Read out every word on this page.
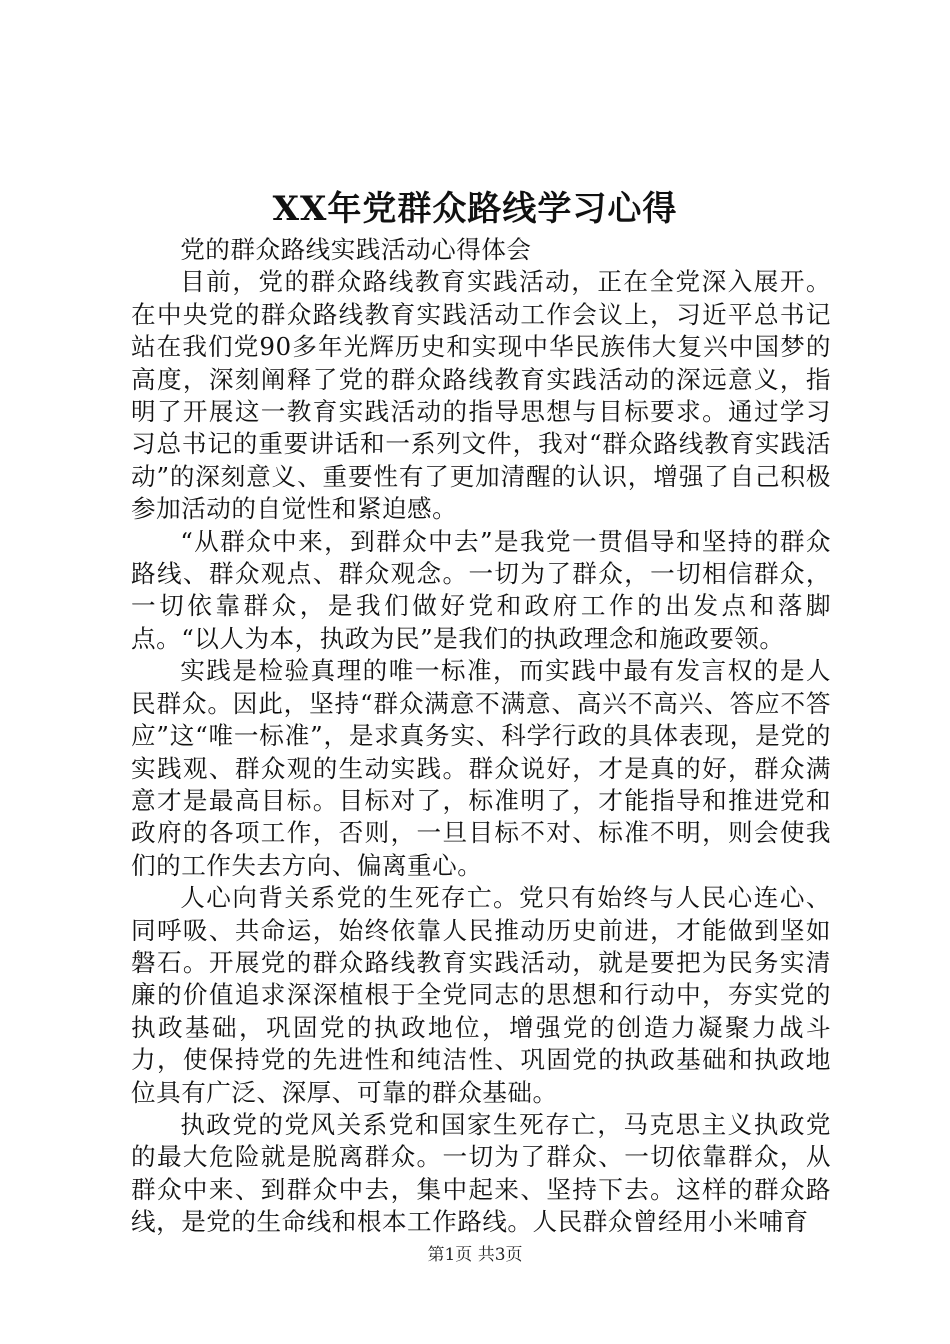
XX年党群众路线学习心得

党的群众路线实践活动心得体会

目前，党的群众路线教育实践活动，正在全党深入展开。在中央党的群众路线教育实践活动工作会议上，习近平总书记站在我们党90多年光辉历史和实现中华民族伟大复兴中国梦的高度，深刻阐释了党的群众路线教育实践活动的深远意义，指明了开展这一教育实践活动的指导思想与目标要求。通过学习习总书记的重要讲话和一系列文件，我对“群众路线教育实践活动”的深刻意义、重要性有了更加清醒的认识，增强了自己积极参加活动的自觉性和紧迫感。

“从群众中来，到群众中去”是我党一贯倡导和坚持的群众路线、群众观点、群众观念。一切为了群众，一切相信群众，一切依靠群众，是我们做好党和政府工作的出发点和落脚点。“以人为本，执政为民”是我们的执政理念和施政要领。

实践是检验真理的唯一标准，而实践中最有发言权的是人民群众。因此，坚持“群众满意不满意、高兴不高兴、答应不答应”这“唯一标准”，是求真务实、科学行政的具体表现，是党的实践观、群众观的生动实践。群众说好，才是真的好，群众满意才是最高目标。目标对了，标准明了，才能指导和推进党和政府的各项工作，否则，一旦目标不对、标准不明，则会使我们的工作失去方向、偏离重心。

人心向背关系党的生死存亡。党只有始终与人民心连心、同呼吸、共命运，始终依靠人民推动历史前进，才能做到坚如磐石。开展党的群众路线教育实践活动，就是要把为民务实清廉的价值追求深深植根于全党同志的思想和行动中，夯实党的执政基础，巩固党的执政地位，增强党的创造力凝聚力战斗力，使保持党的先进性和纯洁性、巩固党的执政基础和执政地位具有广泛、深厚、可靠的群众基础。

执政党的党风关系党和国家生死存亡，马克思主义执政党的最大危险就是脱离群众。一切为了群众、一切依靠群众，从群众中来、到群众中去，集中起来、坚持下去。这样的群众路线，是党的生命线和根本工作路线。人民群众曾经用小米哺育

第1页 共3页
